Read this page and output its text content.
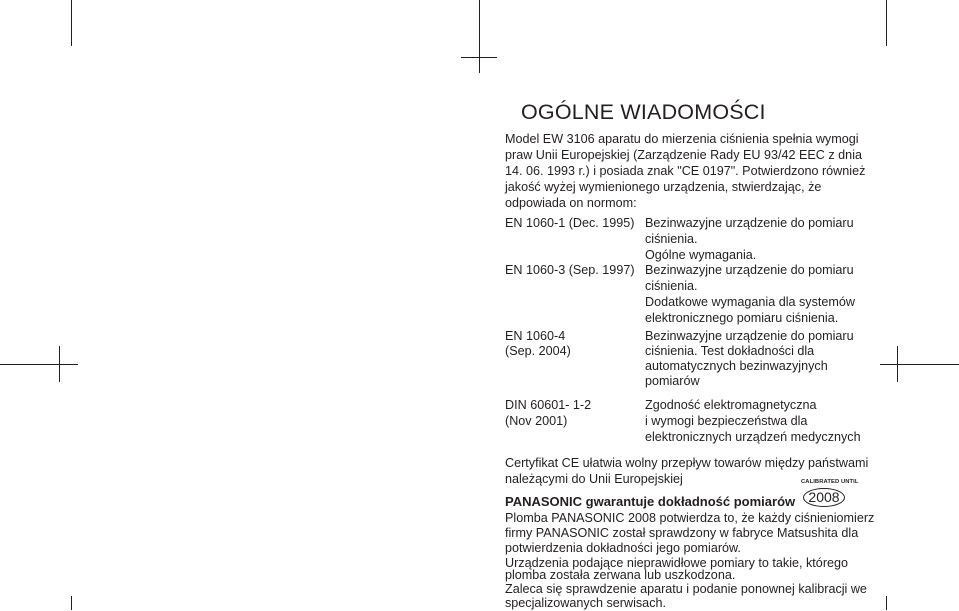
OGÓLNE WIADOMOŚCI
Model EW 3106 aparatu do mierzenia ciśnienia spełnia wymogi
praw Unii Europejskiej (Zarządzenie Rady EU 93/42 EEC z dnia
14. 06. 1993 r.) i posiada znak "CE 0197". Potwierdzono również
jakość wyżej wymienionego urządzenia, stwierdzając, że
odpowiada on normom:
EN 1060-1 (Dec. 1995) Bezinwazyjne urządzenie do pomiaru
ciśnienia.
Ogólne wymagania.
EN 1060-3 (Sep. 1997) Bezinwazyjne urządzenie do pomiaru
ciśnienia.
Dodatkowe wymagania dla systemów
elektronicznego pomiaru ciśnienia.
EN 1060-4
(Sep. 2004)
Bezinwazyjne urządzenie do pomiaru
ciśnienia. Test dokładności dla
automatycznych bezinwazyjnych
pomiarów
DIN 60601- 1-2
(Nov 2001)
Zgodność elektromagnetyczna
i wymogi bezpieczeństwa dla
elektronicznych urządzeń medycznych
Certyfikat CE ułatwia wolny przepływ towarów między państwami
należącymi do Unii Europejskiej	CALIBRATED UNTIL
2008
PANASONIC gwarantuje dokładność pomiarów
Plomba PANASONIC 2008 potwierdza to, że każdy ciśnieniomierz
firmy PANASONIC został sprawdzony w fabryce Matsushita dla
potwierdzenia dokładności jego pomiarów.
Urządzenia podające nieprawidłowe pomiary to takie, którego
plomba została zerwana lub uszkodzona.
Zaleca się sprawdzenie aparatu i podanie ponownej kalibracji we
specjalizowanych serwisach.
